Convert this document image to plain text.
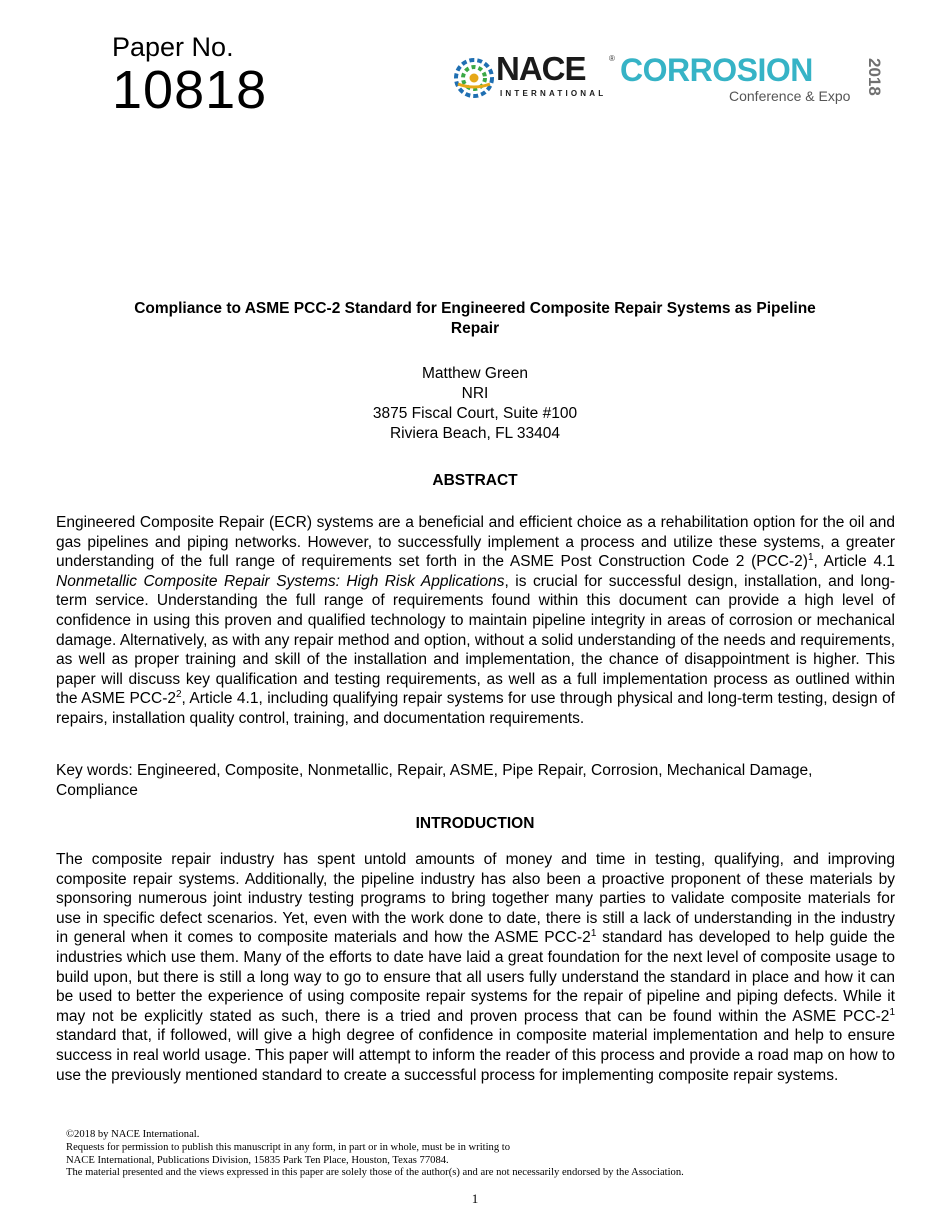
Paper No.
10818	NACE	®
INTERNATIONAL
CORROSION
Conference & Expo
2018
Compliance to ASME PCC-2 Standard for Engineered Composite Repair Systems as Pipeline
Repair
Matthew Green
NRI
3875 Fiscal Court, Suite #100
Riviera Beach, FL 33404
ABSTRACT
Engineered Composite Repair (ECR) systems are a beneficial and efficient choice as a rehabilitation option for the oil and gas pipelines and piping networks. However, to successfully implement a process and utilize these systems, a greater understanding of the full range of requirements set forth in the ASME Post Construction Code 2 $(PCC-2)^1$, Article 4.1 Nonmetallic Composite Repair Systems: High Risk Applications, is crucial for successful design, installation, and long-term service. Understanding the full range of requirements found within this document can provide a high level of confidence in using this proven and qualified technology to maintain pipeline integrity in areas of corrosion or mechanical damage. Alternatively, as with any repair method and option, without a solid understanding of the needs and requirements, as well as proper training and skill of the installation and implementation, the chance of disappointment is higher. This paper will discuss key qualification and testing requirements, as well as a full implementation process as outlined within the ASME PCC-$2^2$, Article 4.1, including qualifying repair systems for use through physical and long-term testing, design of repairs, installation quality control, training, and documentation requirements.
Key words: Engineered, Composite, Nonmetallic, Repair, ASME, Pipe Repair, Corrosion, Mechanical Damage, Compliance
INTRODUCTION
The composite repair industry has spent untold amounts of money and time in testing, qualifying, and improving composite repair systems. Additionally, the pipeline industry has also been a proactive proponent of these materials by sponsoring numerous joint industry testing programs to bring together many parties to validate composite materials for use in specific defect scenarios. Yet, even with the work done to date, there is still a lack of understanding in the industry in general when it comes to composite materials and how the ASME PCC-$2^1$ standard has developed to help guide the industries which use them. Many of the efforts to date have laid a great foundation for the next level of composite usage to build upon, but there is still a long way to go to ensure that all users fully understand the standard in place and how it can be used to better the experience of using composite repair systems for the repair of pipeline and piping defects. While it may not be explicitly stated as such, there is a tried and proven process that can be found within the ASME PCC-$2^1$ standard that, if followed, will give a high degree of confidence in composite material implementation and help to ensure success in real world usage. This paper will attempt to inform the reader of this process and provide a road map on how to use the previously mentioned standard to create a successful process for implementing composite repair systems.
©2018 by NACE International.
Requests for permission to publish this manuscript in any form, in part or in whole, must be in writing to
NACE International, Publications Division, 15835 Park Ten Place, Houston, Texas 77084.
The material presented and the views expressed in this paper are solely those of the author(s) and are not necessarily endorsed by the Association.
1
